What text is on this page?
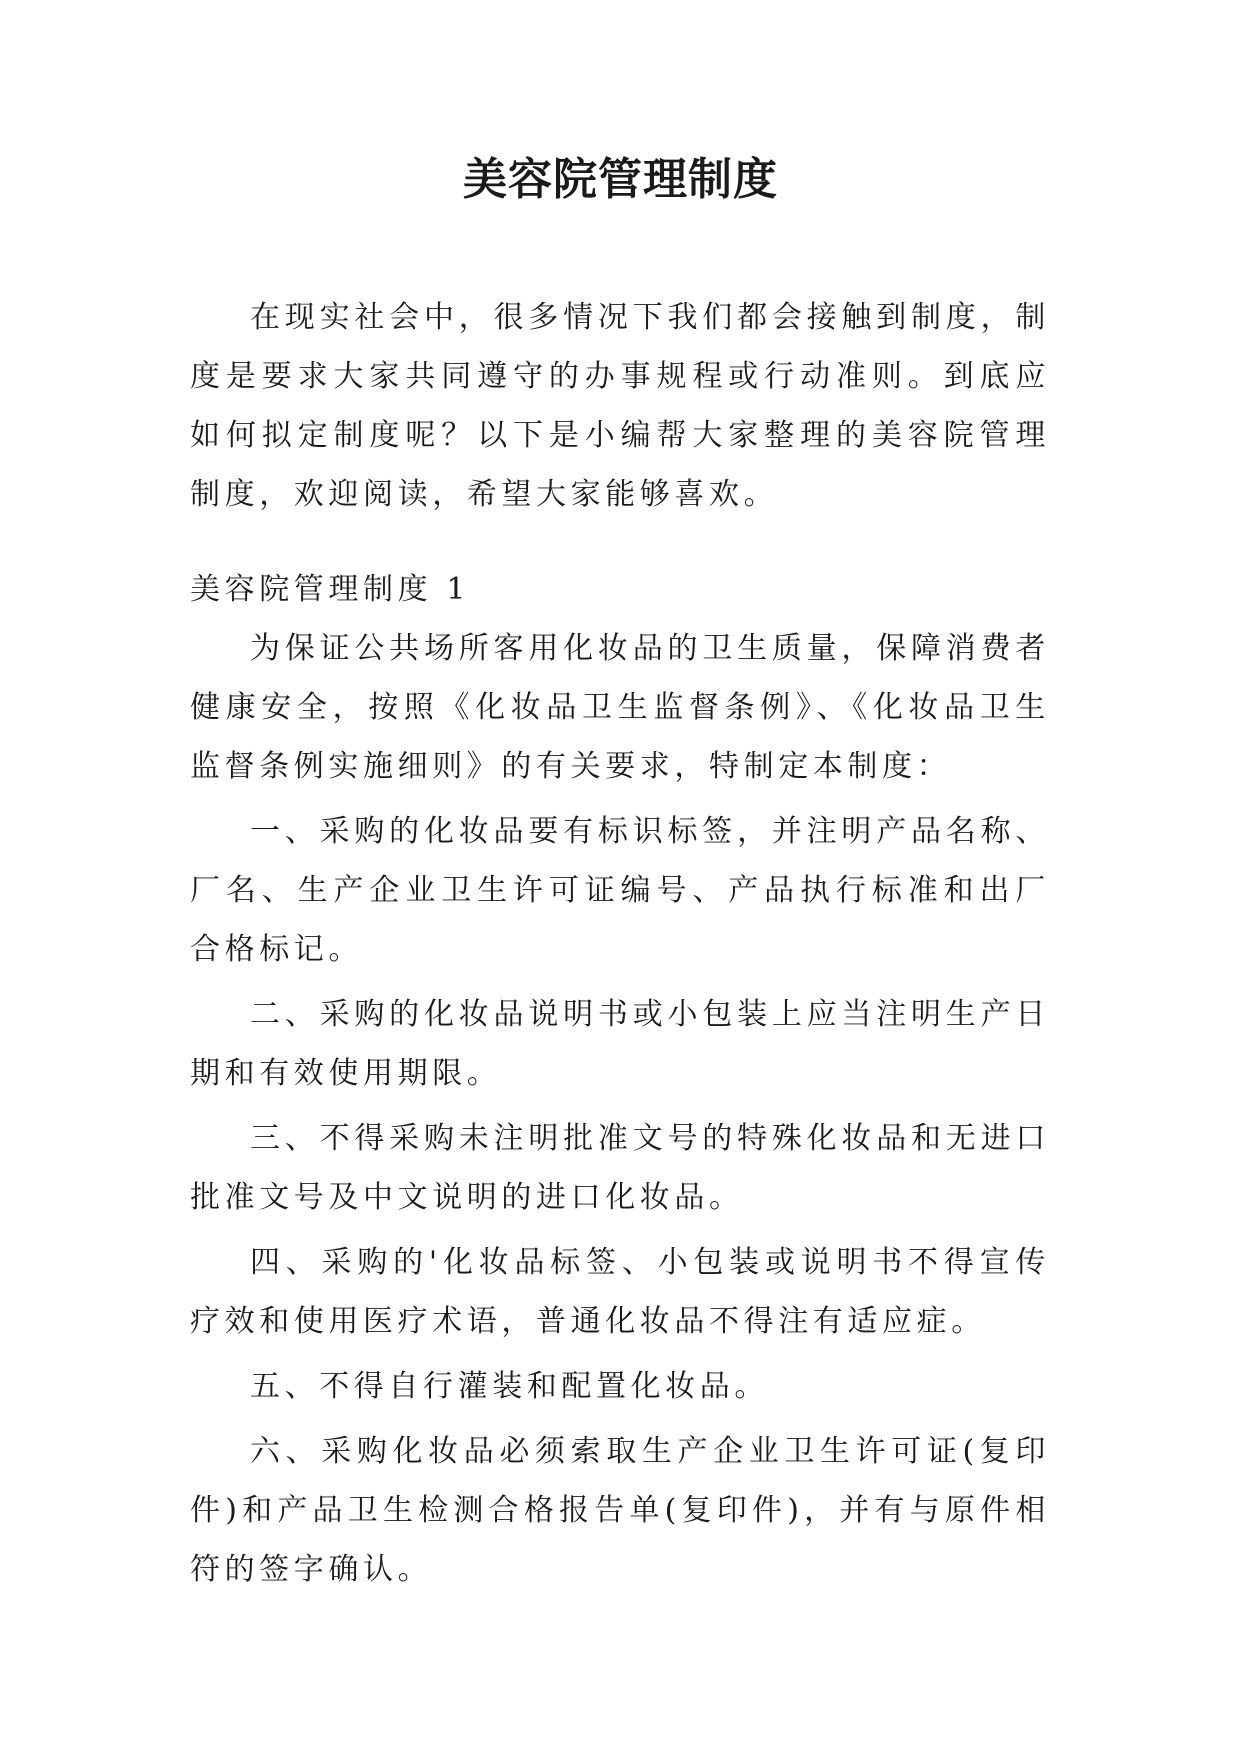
美容院管理制度

在现实社会中，很多情况下我们都会接触到制度，制度是要求大家共同遵守的办事规程或行动准则。到底应如何拟定制度呢？以下是小编帮大家整理的美容院管理制度，欢迎阅读，希望大家能够喜欢。

美容院管理制度 1

为保证公共场所客用化妆品的卫生质量，保障消费者健康安全，按照《化妆品卫生监督条例》、《化妆品卫生监督条例实施细则》的有关要求，特制定本制度：

一、采购的化妆品要有标识标签，并注明产品名称、厂名、生产企业卫生许可证编号、产品执行标准和出厂合格标记。

二、采购的化妆品说明书或小包装上应当注明生产日期和有效使用期限。

三、不得采购未注明批准文号的特殊化妆品和无进口批准文号及中文说明的进口化妆品。

四、采购的'化妆品标签、小包装或说明书不得宣传疗效和使用医疗术语，普通化妆品不得注有适应症。

五、不得自行灌装和配置化妆品。

六、采购化妆品必须索取生产企业卫生许可证(复印件)和产品卫生检测合格报告单(复印件)，并有与原件相符的签字确认。
